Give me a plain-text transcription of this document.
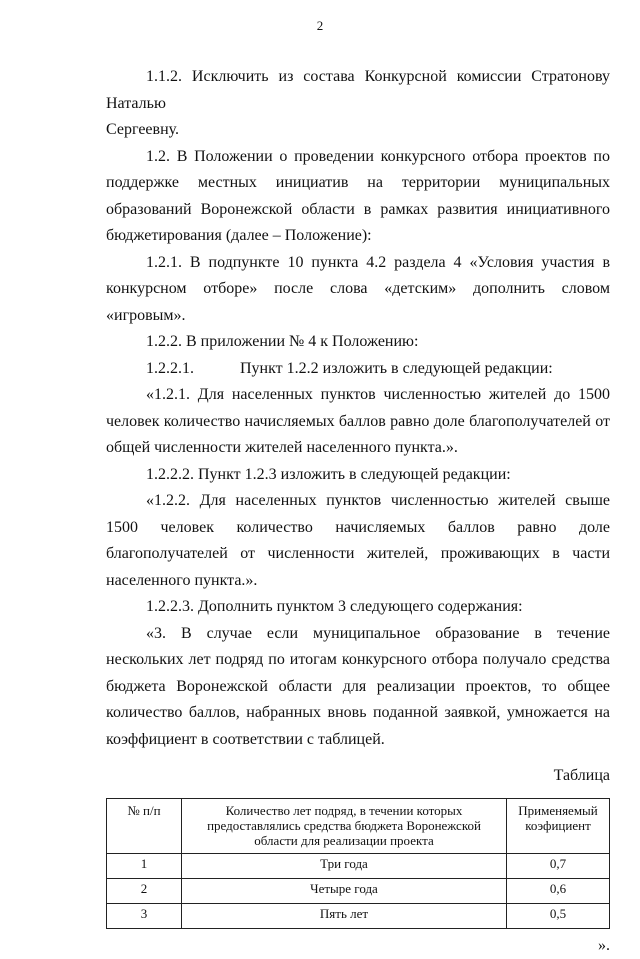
2

1.1.2. Исключить из состава Конкурсной комиссии Стратонову Наталью

Сергеевну.

1.2. В Положении о проведении конкурсного отбора проектов по поддержке местных инициатив на территории муниципальных образований Воронежской области в рамках развития инициативного бюджетирования (далее – Положение):

1.2.1. В подпункте 10 пункта 4.2 раздела 4 «Условия участия в конкурсном отборе» после слова «детским» дополнить словом «игровым».

1.2.2. В приложении № 4 к Положению:

1.2.2.1.	Пункт 1.2.2 изложить в следующей редакции:

«1.2.1. Для населенных пунктов численностью жителей до 1500 человек количество начисляемых баллов равно доле благополучателей от общей численности жителей населенного пункта.».

1.2.2.2. Пункт 1.2.3 изложить в следующей редакции:

«1.2.2. Для населенных пунктов численностью жителей свыше 1500 человек количество начисляемых баллов равно доле благополучателей от численности жителей, проживающих в части населенного пункта.».

1.2.2.3. Дополнить пунктом 3 следующего содержания:

«3. В случае если муниципальное образование в течение нескольких лет подряд по итогам конкурсного отбора получало средства бюджета Воронежской области для реализации проектов, то общее количество баллов, набранных вновь поданной заявкой, умножается на коэффициент в соответствии с таблицей.

Таблица
№ п/п	Количество лет подряд, в течении которых предоставлялись средства бюджета Воронежской области для реализации проекта	Применяемый коэфициент
1	Три года	0,7
2	Четыре года	0,6
3	Пять лет	0,5
».
